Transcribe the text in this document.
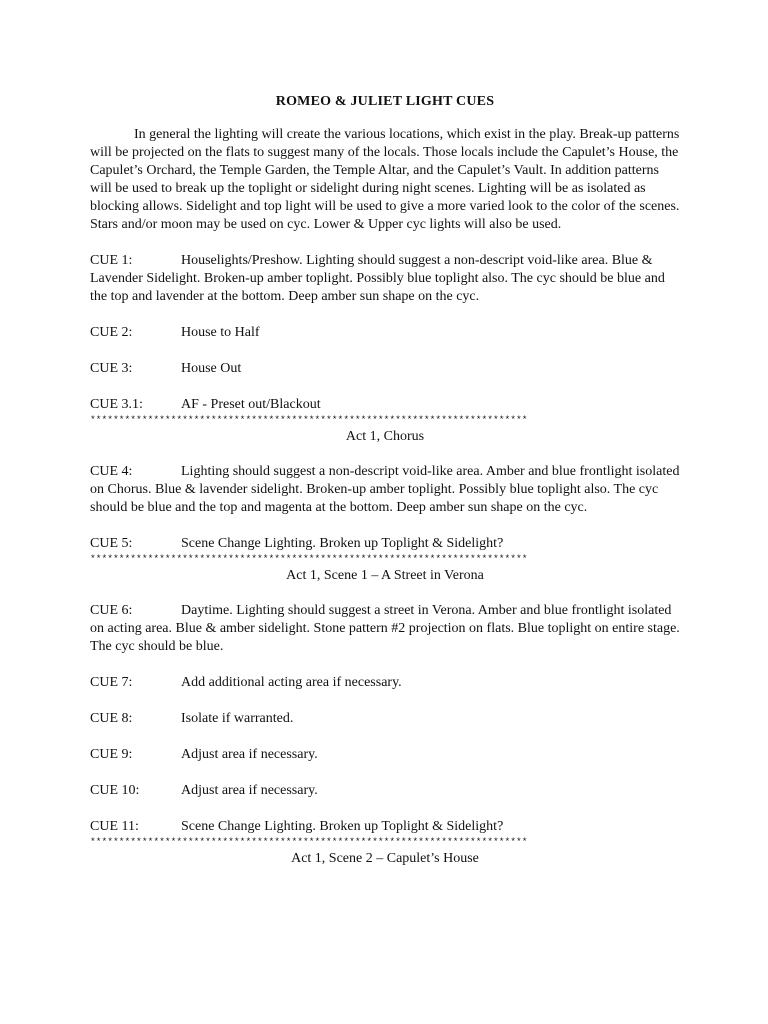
ROMEO & JULIET LIGHT CUES

In general the lighting will create the various locations, which exist in the play. Break-up patterns will be projected on the flats to suggest many of the locals. Those locals include the Capulet’s House, the Capulet’s Orchard, the Temple Garden, the Temple Altar, and the Capulet’s Vault. In addition patterns will be used to break up the toplight or sidelight during night scenes. Lighting will be as isolated as blocking allows. Sidelight and top light will be used to give a more varied look to the color of the scenes. Stars and/or moon may be used on cyc. Lower & Upper cyc lights will also be used.

CUE 1:	Houselights/Preshow. Lighting should suggest a non-descript void-like area. Blue & Lavender Sidelight. Broken-up amber toplight. Possibly blue toplight also. The cyc should be blue and the top and lavender at the bottom. Deep amber sun shape on the cyc.
CUE 2:	House to Half
CUE 3:	House Out
CUE 3.1:	AF - Preset out/Blackout
****************************************************************************
Act 1, Chorus
CUE 4:	Lighting should suggest a non-descript void-like area. Amber and blue frontlight isolated on Chorus. Blue & lavender sidelight. Broken-up amber toplight. Possibly blue toplight also. The cyc should be blue and the top and magenta at the bottom. Deep amber sun shape on the cyc.
CUE 5:	Scene Change Lighting. Broken up Toplight & Sidelight?
****************************************************************************
Act 1, Scene 1 – A Street in Verona
CUE 6:	Daytime. Lighting should suggest a street in Verona. Amber and blue frontlight isolated on acting area. Blue & amber sidelight. Stone pattern #2 projection on flats. Blue toplight on entire stage. The cyc should be blue.
CUE 7:	Add additional acting area if necessary.
CUE 8:	Isolate if warranted.
CUE 9:	Adjust area if necessary.
CUE 10:	Adjust area if necessary.
CUE 11:	Scene Change Lighting. Broken up Toplight & Sidelight?
****************************************************************************
Act 1, Scene 2 – Capulet’s House
